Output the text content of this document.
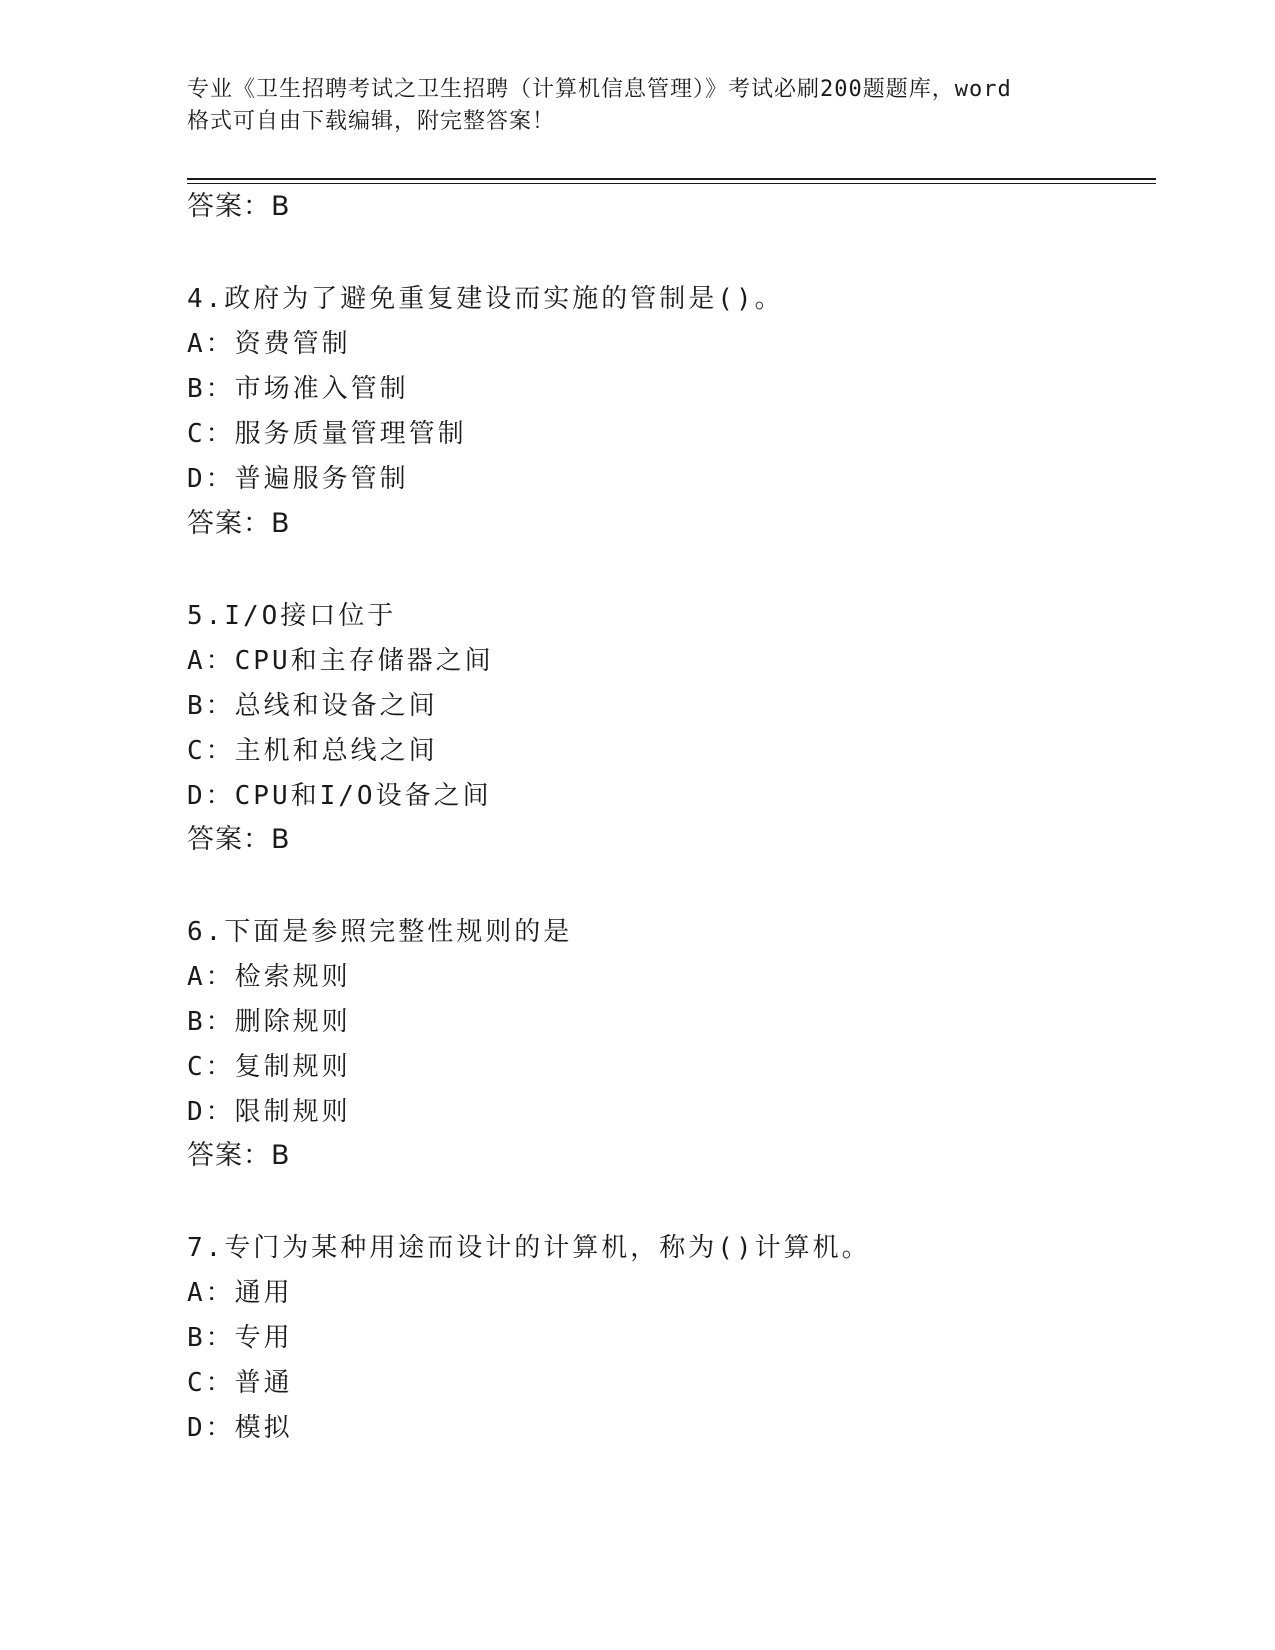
专业《卫生招聘考试之卫生招聘（计算机信息管理）》考试必刷200题题库，word
格式可自由下载编辑，附完整答案！
答案：B
4.政府为了避免重复建设而实施的管制是()。
A：资费管制
B：市场准入管制
C：服务质量管理管制
D：普遍服务管制
答案：B
5.I/O接口位于
A：CPU和主存储器之间
B：总线和设备之间
C：主机和总线之间
D：CPU和I/O设备之间
答案：B
6.下面是参照完整性规则的是
A：检索规则
B：删除规则
C：复制规则
D：限制规则
答案：B
7.专门为某种用途而设计的计算机，称为()计算机。
A：通用
B：专用
C：普通
D：模拟
